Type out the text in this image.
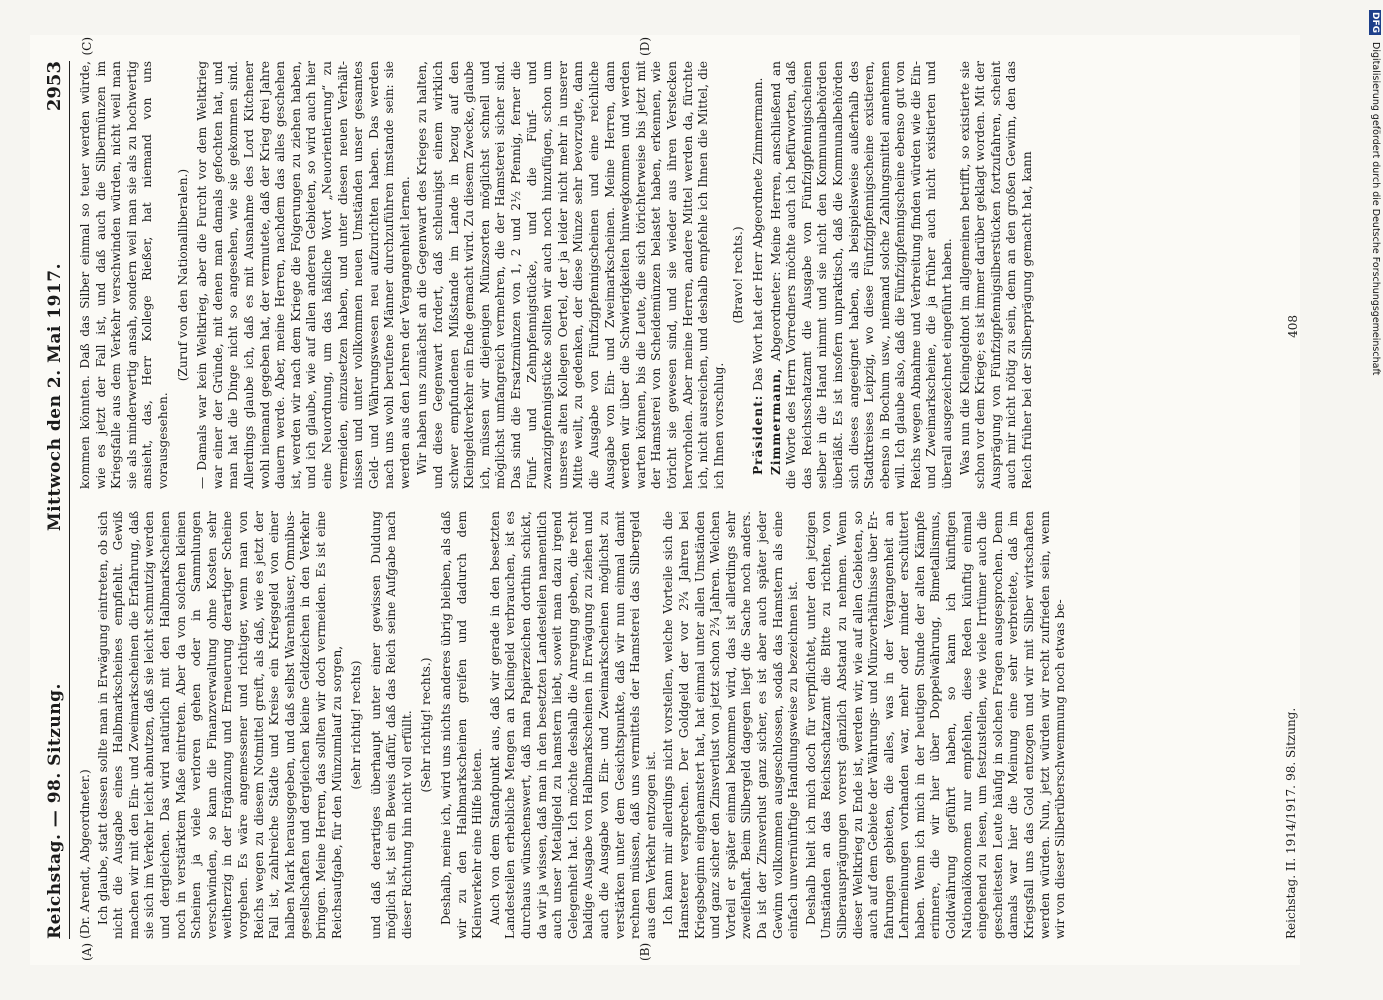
Reichstag. — 98. Sitzung.
Mittwoch den 2. Mai 1917.
2953
(A)	(B)

(Dr. Arendt, Abgeordneter.) Ich glaube, statt dessen sollte man in Erwägung eintreten, ob sich nicht die Ausgabe eines Halbmarkscheines empfiehlt. Gewiß machen wir mit den Ein- und Zweimarkscheinen die Erfahrung, daß sie sich im Verkehr leicht abnutzen, daß sie leicht schmutzig werden und dergleichen. Das wird natürlich mit den Halbmarkscheinen noch in verstärktem Maße eintreten. Aber da von solchen kleinen Scheinen ja viele verloren gehen oder in Sammlungen verschwinden, so kann die Finanzverwaltung ohne Kosten sehr weitherzig in der Ergänzung und Erneuerung derartiger Scheine vorgehen. Es wäre angemessener und richtiger, wenn man von Reichs wegen zu diesem Notmittel greift, als daß, wie es jetzt der Fall ist, zahlreiche Städte und Kreise ein Kriegsgeld von einer halben Mark herausgegeben, und daß selbst Warenhäuser, Omnibusgesellschaften und dergleichen kleine Geldzeichen in den Verkehr bringen. Meine Herren, das sollten wir doch vermeiden. Es ist eine Reichsaufgabe, für den Münzumlauf zu sorgen, (sehr richtig! rechts) und daß derartiges überhaupt unter einer gewissen Duldung möglich ist, ist ein Beweis dafür, daß das Reich seine Aufgabe nach dieser Richtung hin nicht voll erfüllt. (Sehr richtig! rechts.) Deshalb, meine ich, wird uns nichts anderes übrig bleiben, als daß wir zu den Halbmarkscheinen greifen und dadurch dem Kleinverkehr eine Hilfe bieten. Auch von dem Standpunkt aus, daß wir gerade in den besetzten Landesteilen erhebliche Mengen an Kleingeld verbrauchen, ist es durchaus wünschenswert, daß man Papierzeichen dorthin schickt, da wir ja wissen, daß man in den besetzten Landesteilen namentlich auch unser Metallgeld zu hamstern liebt, soweit man dazu irgend Gelegenheit hat. Ich möchte deshalb die Anregung geben, die recht baldige Ausgabe von Halbmarkscheinen in Erwägung zu ziehen und auch die Ausgabe von Ein- und Zweimarkscheinen möglichst zu verstärken unter dem Gesichtspunkte, daß wir nun einmal damit rechnen müssen, daß uns vermittels der Hamsterei das Silbergeld aus dem Verkehr entzogen ist. Ich kann mir allerdings nicht vorstellen, welche Vorteile sich die Hamsterer versprechen. Der Goldgeld der vor 2¾ Jahren bei Kriegsbeginn eingehamstert hat, hat einmal unter allen Umständen und ganz sicher den Zinsverlust von jetzt schon 2¾ Jahren. Welchen Vorteil er später einmal bekommen wird, das ist allerdings sehr zweifelhaft. Beim Silbergeld dagegen liegt die Sache noch anders. Da ist der Zinsverlust ganz sicher, es ist aber auch später jeder Gewinn vollkommen ausgeschlossen, sodaß das Hamstern als eine einfach unvernünftige Handlungsweise zu bezeichnen ist. Deshalb hielt ich mich doch für verpflichtet, unter den jetzigen Umständen an das Reichsschatzamt die Bitte zu richten, von Silberausprägungen vorerst gänzlich Abstand zu nehmen. Wenn dieser Weltkrieg zu Ende ist, werden wir, wie auf allen Gebieten, so auch auf dem Gebiete der Währungs- und Münzverhältnisse über Erfahrungen gebieten, die alles, was in der Vergangenheit an Lehrmeinungen vorhanden war, mehr oder minder erschüttert haben. Wenn ich mich in der heutigen Stunde der alten Kämpfe erinnere, die wir hier über Doppelwährung, Bimetallismus, Goldwährung geführt haben, so kann ich künftigen Nationalökonomen nur empfehlen, diese Reden künftig einmal eingehend zu lesen, um festzustellen, wie viele Irrtümer auch die gescheitesten Leute häufig in solchen Fragen ausgesprochen. Denn damals war hier die Meinung eine sehr verbreitete, daß im Kriegsfall uns das Gold entzogen und wir mit Silber wirtschaften werden würden. Nun, jetzt würden wir recht zufrieden sein, wenn wir von dieser Silberüberschwemmung noch etwas be-

(C)	(D)

kommen könnten. Daß das Silber einmal so teuer werden würde, wie es jetzt der Fall ist, und daß auch die Silbermünzen im Kriegsfalle aus dem Verkehr verschwinden würden, nicht weil man sie als minderwertig ansah, sondern weil man sie als zu hochwertig ansieht, das, Herr Kollege Rießer, hat niemand von uns vorausgesehen.

(Zuruf von den Nationalliberalen.) — Damals war kein Weltkrieg, aber die Furcht vor dem Weltkrieg war einer der Gründe, mit denen man damals gefochten hat, und man hat die Dinge nicht so angesehen, wie sie gekommen sind. Allerdings glaube ich, daß es mit Ausnahme des Lord Kitchener wohl niemand gegeben hat, der vermutete, daß der Krieg drei Jahre dauern werde. Aber, meine Herren, nachdem das alles geschehen ist, werden wir nach dem Kriege die Folgerungen zu ziehen haben, und ich glaube, wie auf allen anderen Gebieten, so wird auch hier eine Neuordnung, um das häßliche Wort „Neuorientierung“ zu vermeiden, einzusetzen haben, und unter diesen neuen Verhältnissen und unter vollkommen neuen Umständen unser gesamtes Geld- und Währungswesen neu aufzurichten haben. Das werden nach uns wohl berufene Männer durchzuführen imstande sein: sie werden aus den Lehren der Vergangenheit lernen. Wir haben uns zunächst an die Gegenwart des Krieges zu halten, und diese Gegenwart fordert, daß schleunigst einem wirklich schwer empfundenen Mißstande im Lande in bezug auf den Kleingeldverkehr ein Ende gemacht wird. Zu diesem Zwecke, glaube ich, müssen wir diejenigen Münzsorten möglichst schnell und möglichst umfangreich vermehren, die der Hamsterei sicher sind. Das sind die Ersatzmünzen von 1, 2 und 2½ Pfennig, ferner die Fünf- und Zehnpfennigstücke, und die Fünf- und zwanzigpfennigstücke sollten wir auch noch hinzufügen, schon um unseres alten Kollegen Oertel, der ja leider nicht mehr in unserer Mitte weilt, zu gedenken, der diese Münze sehr bevorzugte, dann die Ausgabe von Fünfzigpfennigscheinen und eine reichliche Ausgabe von Ein- und Zweimarkscheinen. Meine Herren, dann werden wir über die Schwierigkeiten hinwegkommen und werden warten können, bis die Leute, die sich törichterweise bis jetzt mit der Hamsterei von Scheidemünzen belastet haben, erkennen, wie töricht sie gewesen sind, und sie wieder aus ihren Verstecken hervorholen. Aber meine Herren, andere Mittel werden da, fürchte ich, nicht ausreichen, und deshalb empfehle ich Ihnen die Mittel, die ich Ihnen vorschlug.

(Bravo! rechts.)

Präsident: Das Wort hat der Herr Abgeordnete Zimmermann.

Zimmermann, Abgeordneter: Meine Herren, anschließend an die Worte des Herrn Vorredners möchte auch ich befürworten, daß das Reichsschatzamt die Ausgabe von Fünfzigpfennigscheinen selber in die Hand nimmt und sie nicht den Kommunalbehörden überläßt. Es ist insofern unpraktisch, daß die Kommunalbehörden sich dieses angeeignet haben, als beispielsweise außerhalb des Stadtkreises Leipzig, wo diese Fünfzigpfennigscheine existieren, ebenso in Bochum usw., niemand solche Zahlungsmittel annehmen will. Ich glaube also, daß die Fünfzigpfennigscheine ebenso gut von Reichs wegen Abnahme und Verbreitung finden würden wie die Ein- und Zweimarkscheine, die ja früher auch nicht existierten und überall ausgezeichnet eingeführt haben. Was nun die Kleingeldnot im allgemeinen betrifft, so existierte sie schon vor dem Kriege; es ist immer darüber geklagt worden. Mit der Ausprägung von Fünfzigpfennigsilberstücken fortzufahren, scheint auch mir nicht nötig zu sein, denn an den großen Gewinn, den das Reich früher bei der Silberprägung gemacht hat, kann

Reichstag. II. 1914/1917. 98. Sitzung.
408
DFG Digitalisierung gefördert durch die Deutsche Forschungsgemeinschaft
